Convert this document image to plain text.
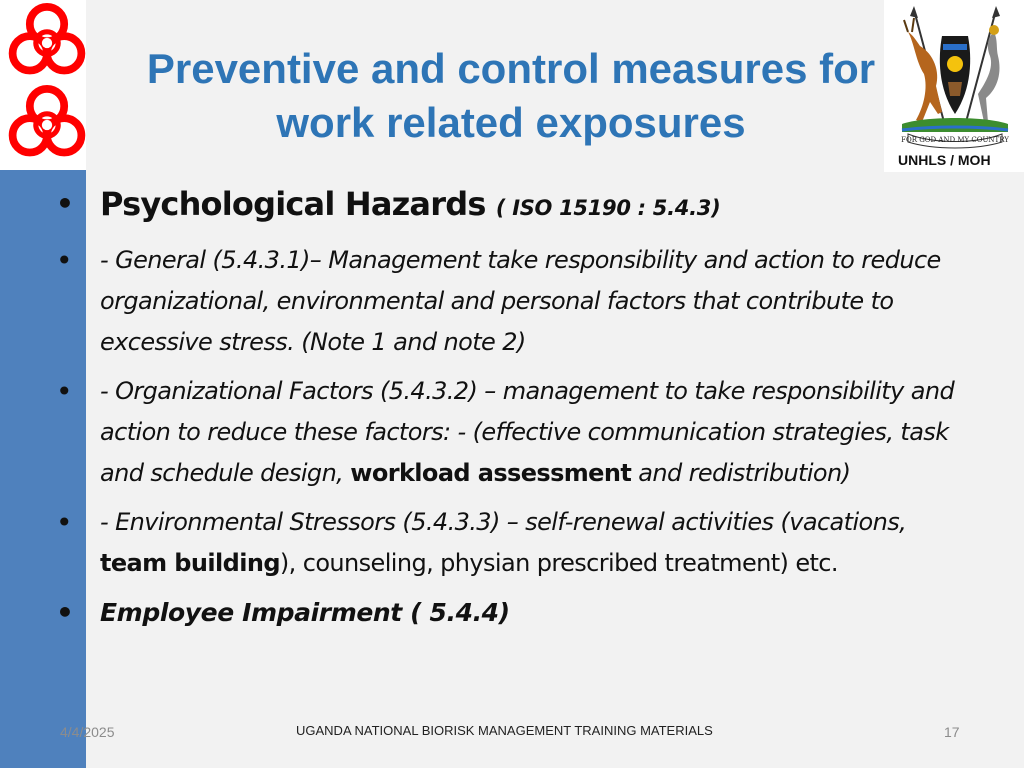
Preventive and control measures for
work related exposures	FOR GOD AND MY COUNTRY
UNHLS / MOH
• Psychological Hazards ( ISO 15190 : 5.4.3)
• - General (5.4.3.1)– Management take responsibility and action to reduce organizational, environmental and personal factors that contribute to excessive stress. (Note 1 and note 2)
• - Organizational Factors (5.4.3.2) – management to take responsibility and action to reduce these factors: - (effective communication strategies, task and schedule design, workload assessment and redistribution)
• - Environmental Stressors (5.4.3.3) – self-renewal activities (vacations, team building), counseling, physian prescribed treatment) etc.
• Employee Impairment ( 5.4.4)
4/4/2025	UGANDA NATIONAL BIORISK MANAGEMENT TRAINING MATERIALS	17
